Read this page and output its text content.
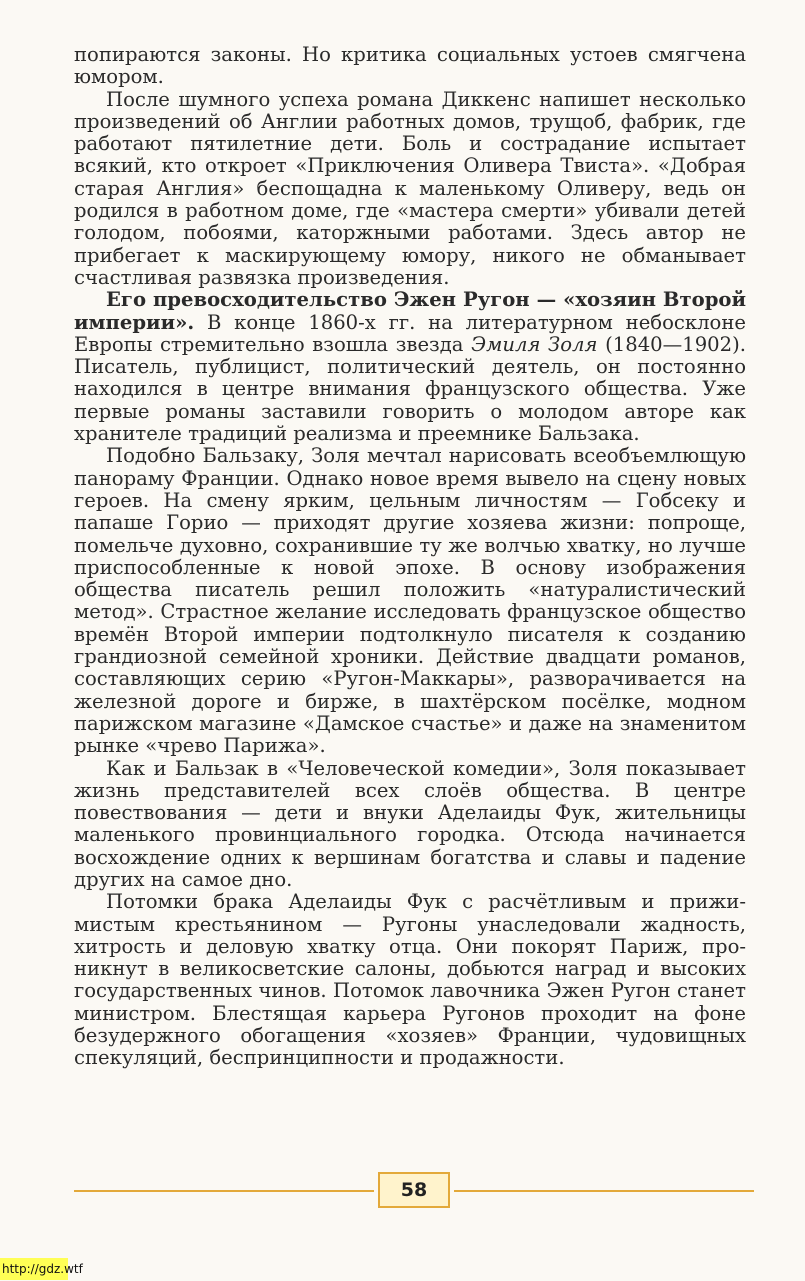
попираются законы. Но критика социальных устоев смягчена юмором.

После шумного успеха романа Диккенс напишет несколько произведений об Англии работных домов, трущоб, фабрик, где работают пятилетние дети. Боль и сострадание испытает всякий, кто откроет «Приключения Оливера Твиста». «Добрая старая Англия» беспощадна к маленькому Оливеру, ведь он родился в работном доме, где «мастера смерти» убивали детей голодом, побоями, каторжными работами. Здесь автор не прибегает к маскирующему юмору, никого не обманывает счастливая развязка произведения.

Его превосходительство Эжен Ругон — «хозяин Второй империи». В конце 1860-х гг. на литературном небосклоне Европы стремительно взошла звезда Эмиля Золя (1840—1902). Писатель, публицист, политический деятель, он постоянно находился в центре внимания французского общества. Уже первые романы заставили говорить о молодом авторе как хранителе традиций реализма и преемнике Бальзака.

Подобно Бальзаку, Золя мечтал нарисовать всеобъемлющую панораму Франции. Однако новое время вывело на сцену новых героев. На смену ярким, цельным личностям — Гобсеку и папаше Горио — приходят другие хозяева жизни: попроще, помельче духовно, сохранившие ту же волчью хватку, но лучше приспособленные к новой эпохе. В основу изображения общества писатель решил положить «натуралистический метод». Страстное желание исследовать французское общество времён Второй империи подтолкнуло писателя к созданию грандиозной семейной хроники. Действие двадцати романов, составляющих серию «Ругон-Маккары», разворачивается на железной дороге и бирже, в шахтёрском посёлке, модном парижском магазине «Дамское счастье» и даже на знаменитом рынке «чрево Парижа».

Как и Бальзак в «Человеческой комедии», Золя показывает жизнь представителей всех слоёв общества. В центре повествования — дети и внуки Аделаиды Фук, жительницы маленького провинциального городка. Отсюда начинается восхождение одних к вершинам богатства и славы и падение других на самое дно.

Потомки брака Аделаиды Фук с расчётливым и прижимистым крестьянином — Ругоны унаследовали жадность, хитрость и деловую хватку отца. Они покорят Париж, проникнут в великосветские салоны, добьются наград и высоких государственных чинов. Потомок лавочника Эжен Ругон станет министром. Блестящая карьера Ругонов проходит на фоне безудержного обогащения «хозяев» Франции, чудовищных спекуляций, беспринципности и продажности.

58
http://gdz.wtf
